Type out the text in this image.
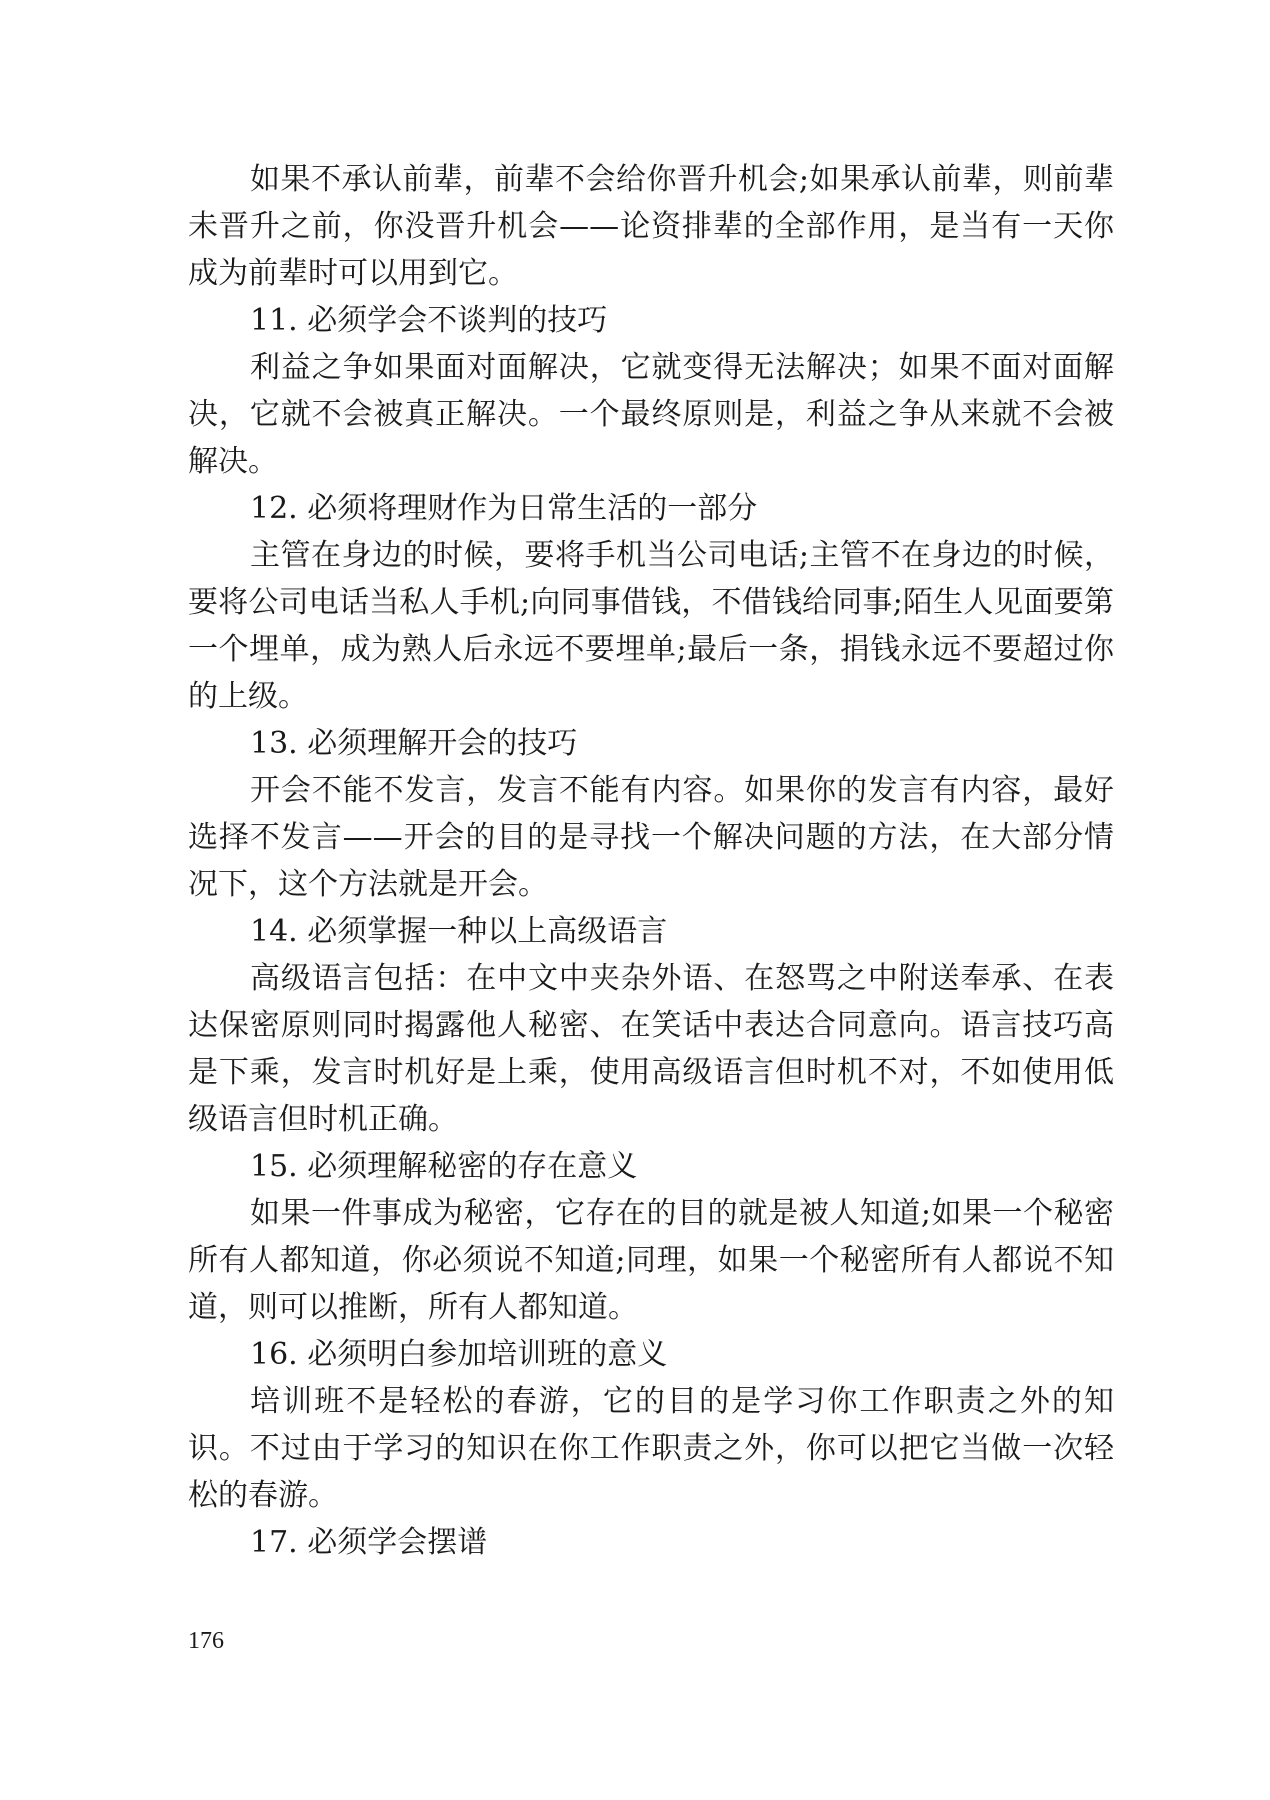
如果不承认前辈，前辈不会给你晋升机会;如果承认前辈，则前辈未晋升之前，你没晋升机会——论资排辈的全部作用，是当有一天你成为前辈时可以用到它。

11. 必须学会不谈判的技巧

利益之争如果面对面解决，它就变得无法解决；如果不面对面解决，它就不会被真正解决。一个最终原则是，利益之争从来就不会被解决。

12. 必须将理财作为日常生活的一部分

主管在身边的时候，要将手机当公司电话;主管不在身边的时候，要将公司电话当私人手机;向同事借钱，不借钱给同事;陌生人见面要第一个埋单，成为熟人后永远不要埋单;最后一条，捐钱永远不要超过你的上级。

13. 必须理解开会的技巧

开会不能不发言，发言不能有内容。如果你的发言有内容，最好选择不发言——开会的目的是寻找一个解决问题的方法，在大部分情况下，这个方法就是开会。

14. 必须掌握一种以上高级语言

高级语言包括：在中文中夹杂外语、在怒骂之中附送奉承、在表达保密原则同时揭露他人秘密、在笑话中表达合同意向。语言技巧高是下乘，发言时机好是上乘，使用高级语言但时机不对，不如使用低级语言但时机正确。

15. 必须理解秘密的存在意义

如果一件事成为秘密，它存在的目的就是被人知道;如果一个秘密所有人都知道，你必须说不知道;同理，如果一个秘密所有人都说不知道，则可以推断，所有人都知道。

16. 必须明白参加培训班的意义

培训班不是轻松的春游，它的目的是学习你工作职责之外的知识。不过由于学习的知识在你工作职责之外，你可以把它当做一次轻松的春游。

17. 必须学会摆谱

176
